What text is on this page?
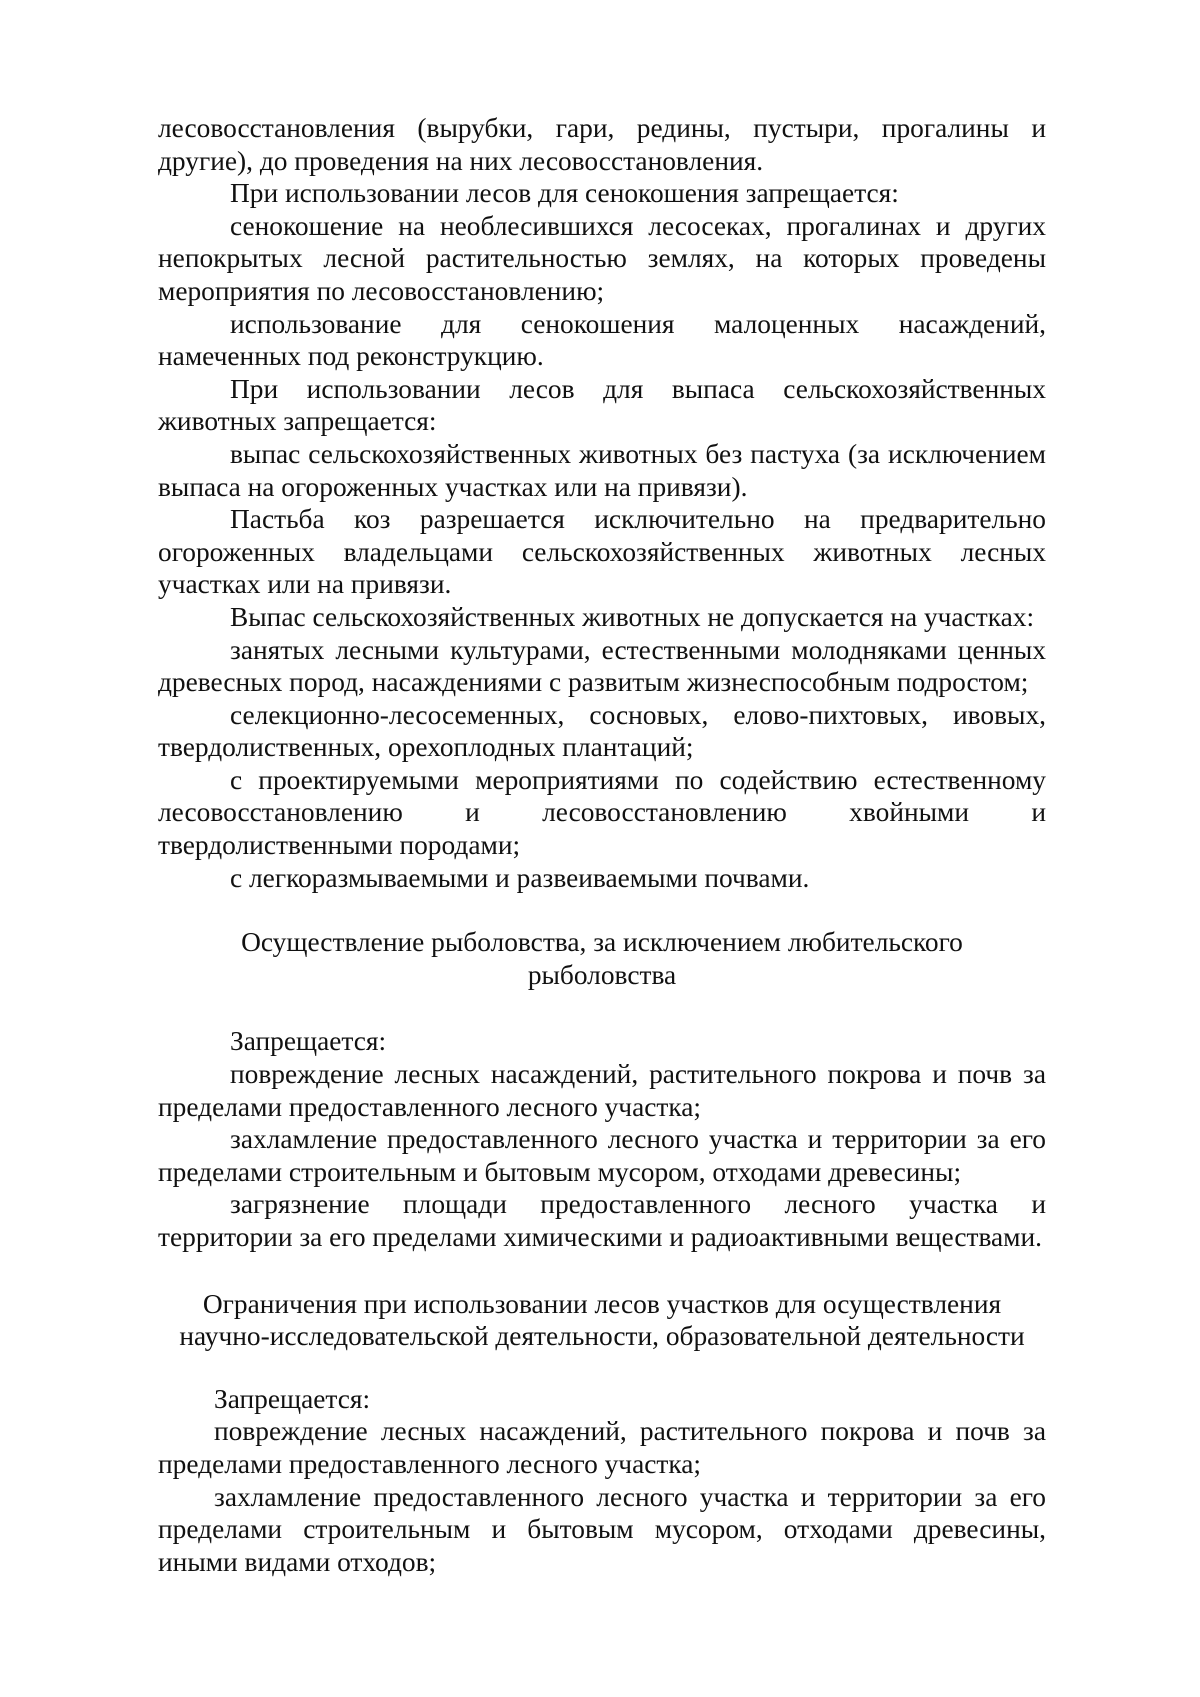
лесовосстановления (вырубки, гари, редины, пустыри, прогалины и другие), до проведения на них лесовосстановления.

При использовании лесов для сенокошения запрещается:

сенокошение на необлесившихся лесосеках, прогалинах и других непокрытых лесной растительностью землях, на которых проведены мероприятия по лесовосстановлению;

использование для сенокошения малоценных насаждений, намеченных под реконструкцию.

При использовании лесов для выпаса сельскохозяйственных животных запрещается:

выпас сельскохозяйственных животных без пастуха (за исключением выпаса на огороженных участках или на привязи).

Пастьба коз разрешается исключительно на предварительно огороженных владельцами сельскохозяйственных животных лесных участках или на привязи.

Выпас сельскохозяйственных животных не допускается на участках:

занятых лесными культурами, естественными молодняками ценных древесных пород, насаждениями с развитым жизнеспособным подростом;

селекционно-лесосеменных, сосновых, елово-пихтовых, ивовых, твердолиственных, орехоплодных плантаций;

с проектируемыми мероприятиями по содействию естественному лесовосстановлению и лесовосстановлению хвойными и твердолиственными породами;

с легкоразмываемыми и развеиваемыми почвами.

Осуществление рыболовства, за исключением любительского

рыболовства

Запрещается:

повреждение лесных насаждений, растительного покрова и почв за пределами предоставленного лесного участка;

захламление предоставленного лесного участка и территории за его пределами строительным и бытовым мусором, отходами древесины;

загрязнение площади предоставленного лесного участка и территории за его пределами химическими и радиоактивными веществами.

Ограничения при использовании лесов участков для осуществления

научно-исследовательской деятельности, образовательной деятельности

Запрещается:

повреждение лесных насаждений, растительного покрова и почв за пределами предоставленного лесного участка;

захламление предоставленного лесного участка и территории за его пределами строительным и бытовым мусором, отходами древесины, иными видами отходов;
